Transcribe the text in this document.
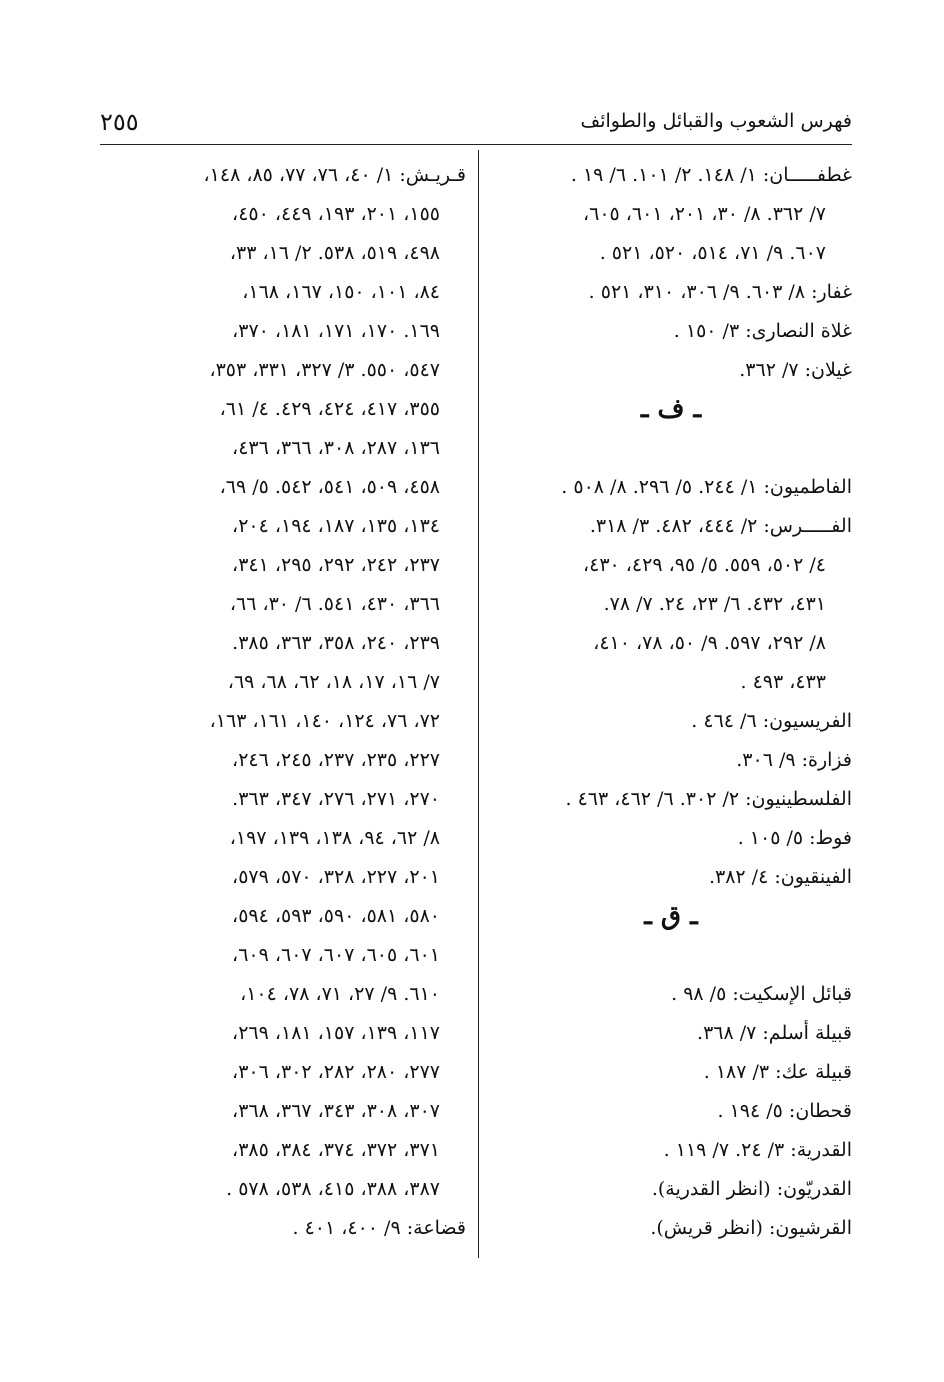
٢٥٥	فهرس الشعوب والقبائل والطوائف
غطفـــــان: ١/ ١٤٨. ٢/ ١٠١. ٦/ ١٩ .
٧/ ٣٦٢. ٨/ ٣٠، ٢٠١، ٦٠١، ٦٠٥،
٦٠٧. ٩/ ٧١، ٥١٤، ٥٢٠، ٥٢١ .
غفار: ٨/ ٦٠٣. ٩/ ٣٠٦، ٣١٠، ٥٢١ .
غلاة النصارى: ٣/ ١٥٠ .
غيلان: ٧/ ٣٦٢.
ـ ف ـ
الفاطميون: ١/ ٢٤٤. ٥/ ٢٩٦. ٨/ ٥٠٨ .
الفـــــرس: ٢/ ٤٤٤، ٤٨٢. ٣/ ٣١٨.
٤/ ٥٠٢، ٥٥٩. ٥/ ٩٥، ٤٢٩، ٤٣٠،
٤٣١، ٤٣٢. ٦/ ٢٣، ٢٤. ٧/ ٧٨.
٨/ ٢٩٢، ٥٩٧. ٩/ ٥٠، ٧٨، ٤١٠،
٤٣٣، ٤٩٣ .
الفريسيون: ٦/ ٤٦٤ .
فزارة: ٩/ ٣٠٦.
الفلسطينيون: ٢/ ٣٠٢. ٦/ ٤٦٢، ٤٦٣ .
فوط: ٥/ ١٠٥ .
الفينقيون: ٤/ ٣٨٢.
ـ ق ـ
قبائل الإسكيت: ٥/ ٩٨ .
قبيلة أسلم: ٧/ ٣٦٨.
قبيلة عك: ٣/ ١٨٧ .
قحطان: ٥/ ١٩٤ .
القدرية: ٣/ ٢٤. ٧/ ١١٩ .
القدريّون: (انظر القدرية).
القرشيون: (انظر قريش).
قـريـش: ١/ ٤٠، ٧٦، ٧٧، ٨٥، ١٤٨،
١٥٥، ٢٠١، ١٩٣، ٤٤٩، ٤٥٠،
٤٩٨، ٥١٩، ٥٣٨. ٢/ ١٦، ٣٣،
٨٤، ١٠١، ١٥٠، ١٦٧، ١٦٨،
١٦٩. ١٧٠، ١٧١، ١٨١، ٣٧٠،
٥٤٧، ٥٥٠. ٣/ ٣٢٧، ٣٣١، ٣٥٣،
٣٥٥، ٤١٧، ٤٢٤، ٤٢٩. ٤/ ٦١،
١٣٦، ٢٨٧، ٣٠٨، ٣٦٦، ٤٣٦،
٤٥٨، ٥٠٩، ٥٤١، ٥٤٢. ٥/ ٦٩،
١٣٤، ١٣٥، ١٨٧، ١٩٤، ٢٠٤،
٢٣٧، ٢٤٢، ٢٩٢، ٢٩٥، ٣٤١،
٣٦٦، ٤٣٠، ٥٤١. ٦/ ٣٠، ٦٦،
٢٣٩، ٢٤٠، ٣٥٨، ٣٦٣، ٣٨٥.
٧/ ١٦، ١٧، ١٨، ٦٢، ٦٨، ٦٩،
٧٢، ٧٦، ١٢٤، ١٤٠، ١٦١، ١٦٣،
٢٢٧، ٢٣٥، ٢٣٧، ٢٤٥، ٢٤٦،
٢٧٠، ٢٧١، ٢٧٦، ٣٤٧، ٣٦٣.
٨/ ٦٢، ٩٤، ١٣٨، ١٣٩، ١٩٧،
٢٠١، ٢٢٧، ٣٢٨، ٥٧٠، ٥٧٩،
٥٨٠، ٥٨١، ٥٩٠، ٥٩٣، ٥٩٤،
٦٠١، ٦٠٥، ٦٠٧، ٦٠٧، ٦٠٩،
٦١٠. ٩/ ٢٧، ٧١، ٧٨، ١٠٤،
١١٧، ١٣٩، ١٥٧، ١٨١، ٢٦٩،
٢٧٧، ٢٨٠، ٢٨٢، ٣٠٢، ٣٠٦،
٣٠٧، ٣٠٨، ٣٤٣، ٣٦٧، ٣٦٨،
٣٧١، ٣٧٢، ٣٧٤، ٣٨٤، ٣٨٥،
٣٨٧، ٣٨٨، ٤١٥، ٥٣٨، ٥٧٨ .
قضاعة: ٩/ ٤٠٠، ٤٠١ .
